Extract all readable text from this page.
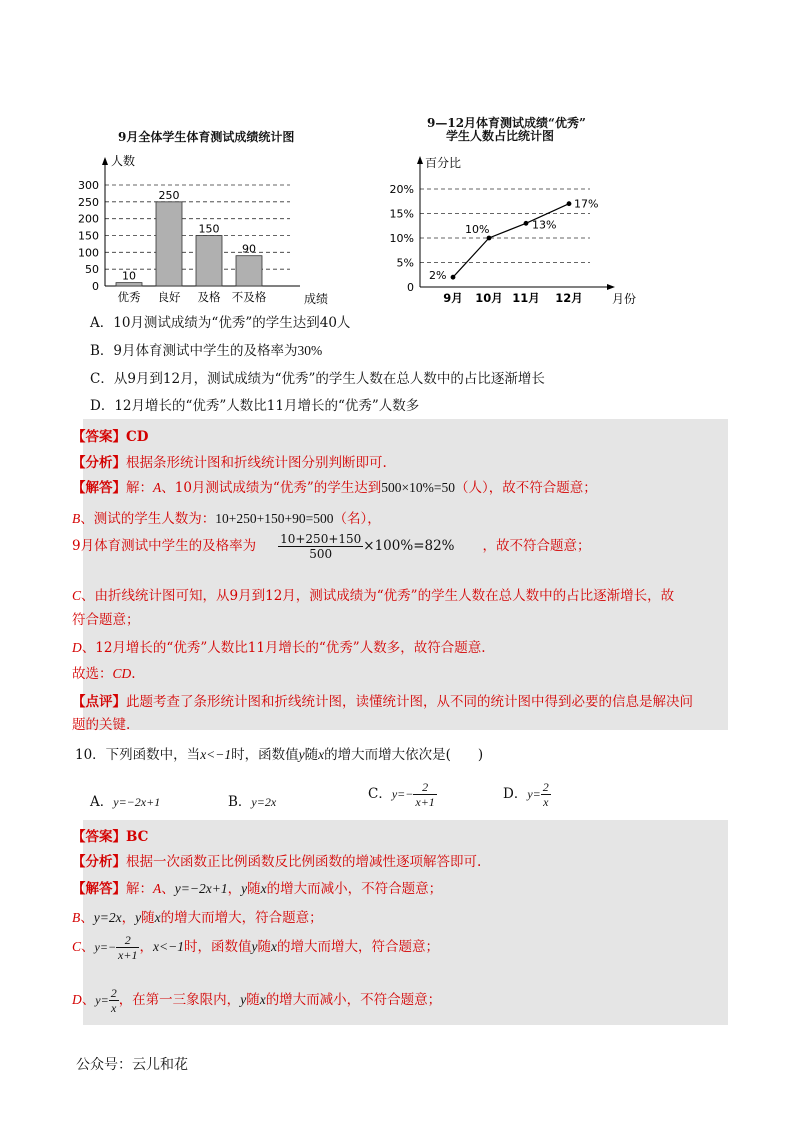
9月全体学生体育测试成绩统计图
0
50
100
150
200
250
300
人数
成绩
10
优秀
250
良好
150
及格
90
不及格
9—12月体育测试成绩“优秀”
学生人数占比统计图
0
5%
10%
15%
20%
百分比
月份
2%
9月
10%
10月
13%
11月
17%
12月
A．10月测试成绩为“优秀”的学生达到40人
B．9月体育测试中学生的及格率为30%
C．从9月到12月，测试成绩为“优秀”的学生人数在总人数中的占比逐渐增长
D．12月增长的“优秀”人数比11月增长的“优秀”人数多
【答案】CD
【分析】根据条形统计图和折线统计图分别判断即可.
【解答】解：A、10月测试成绩为“优秀”的学生达到500×10%=50（人），故不符合题意；
B、测试的学生人数为：10+250+150+90=500（名），
9月体育测试中学生的及格率为 $\frac{10+250+150}{500} \times 100\%=82\%$ ，故不符合题意；
C、由折线统计图可知，从9月到12月，测试成绩为“优秀”的学生人数在总人数中的占比逐渐增长，故
符合题意；
D、12月增长的“优秀”人数比11月增长的“优秀”人数多，故符合题意.
故选：CD.
【点评】此题考查了条形统计图和折线统计图，读懂统计图，从不同的统计图中得到必要的信息是解决问
题的关键.
10．下列函数中，当x<−1时，函数值y随x的增大而增大依次是(　　)
A．y=−2x+1	B．y=2x	C．$y=- \frac{2}{x+1}$	D．$y= \frac{2}{x}$
【答案】BC
【分析】根据一次函数正比例函数反比例函数的增减性逐项解答即可.
【解答】解：A、y=−2x+1，y随x的增大而减小，不符合题意；
B、y=2x，y随x的增大而增大，符合题意；
C、$y=- \frac{2}{x+1}$ ，x<−1时，函数值y随x的增大而增大，符合题意；
D、$y= \frac{2}{x}$ ，在第一三象限内，y随x的增大而减小，不符合题意；
公众号：云儿和花
